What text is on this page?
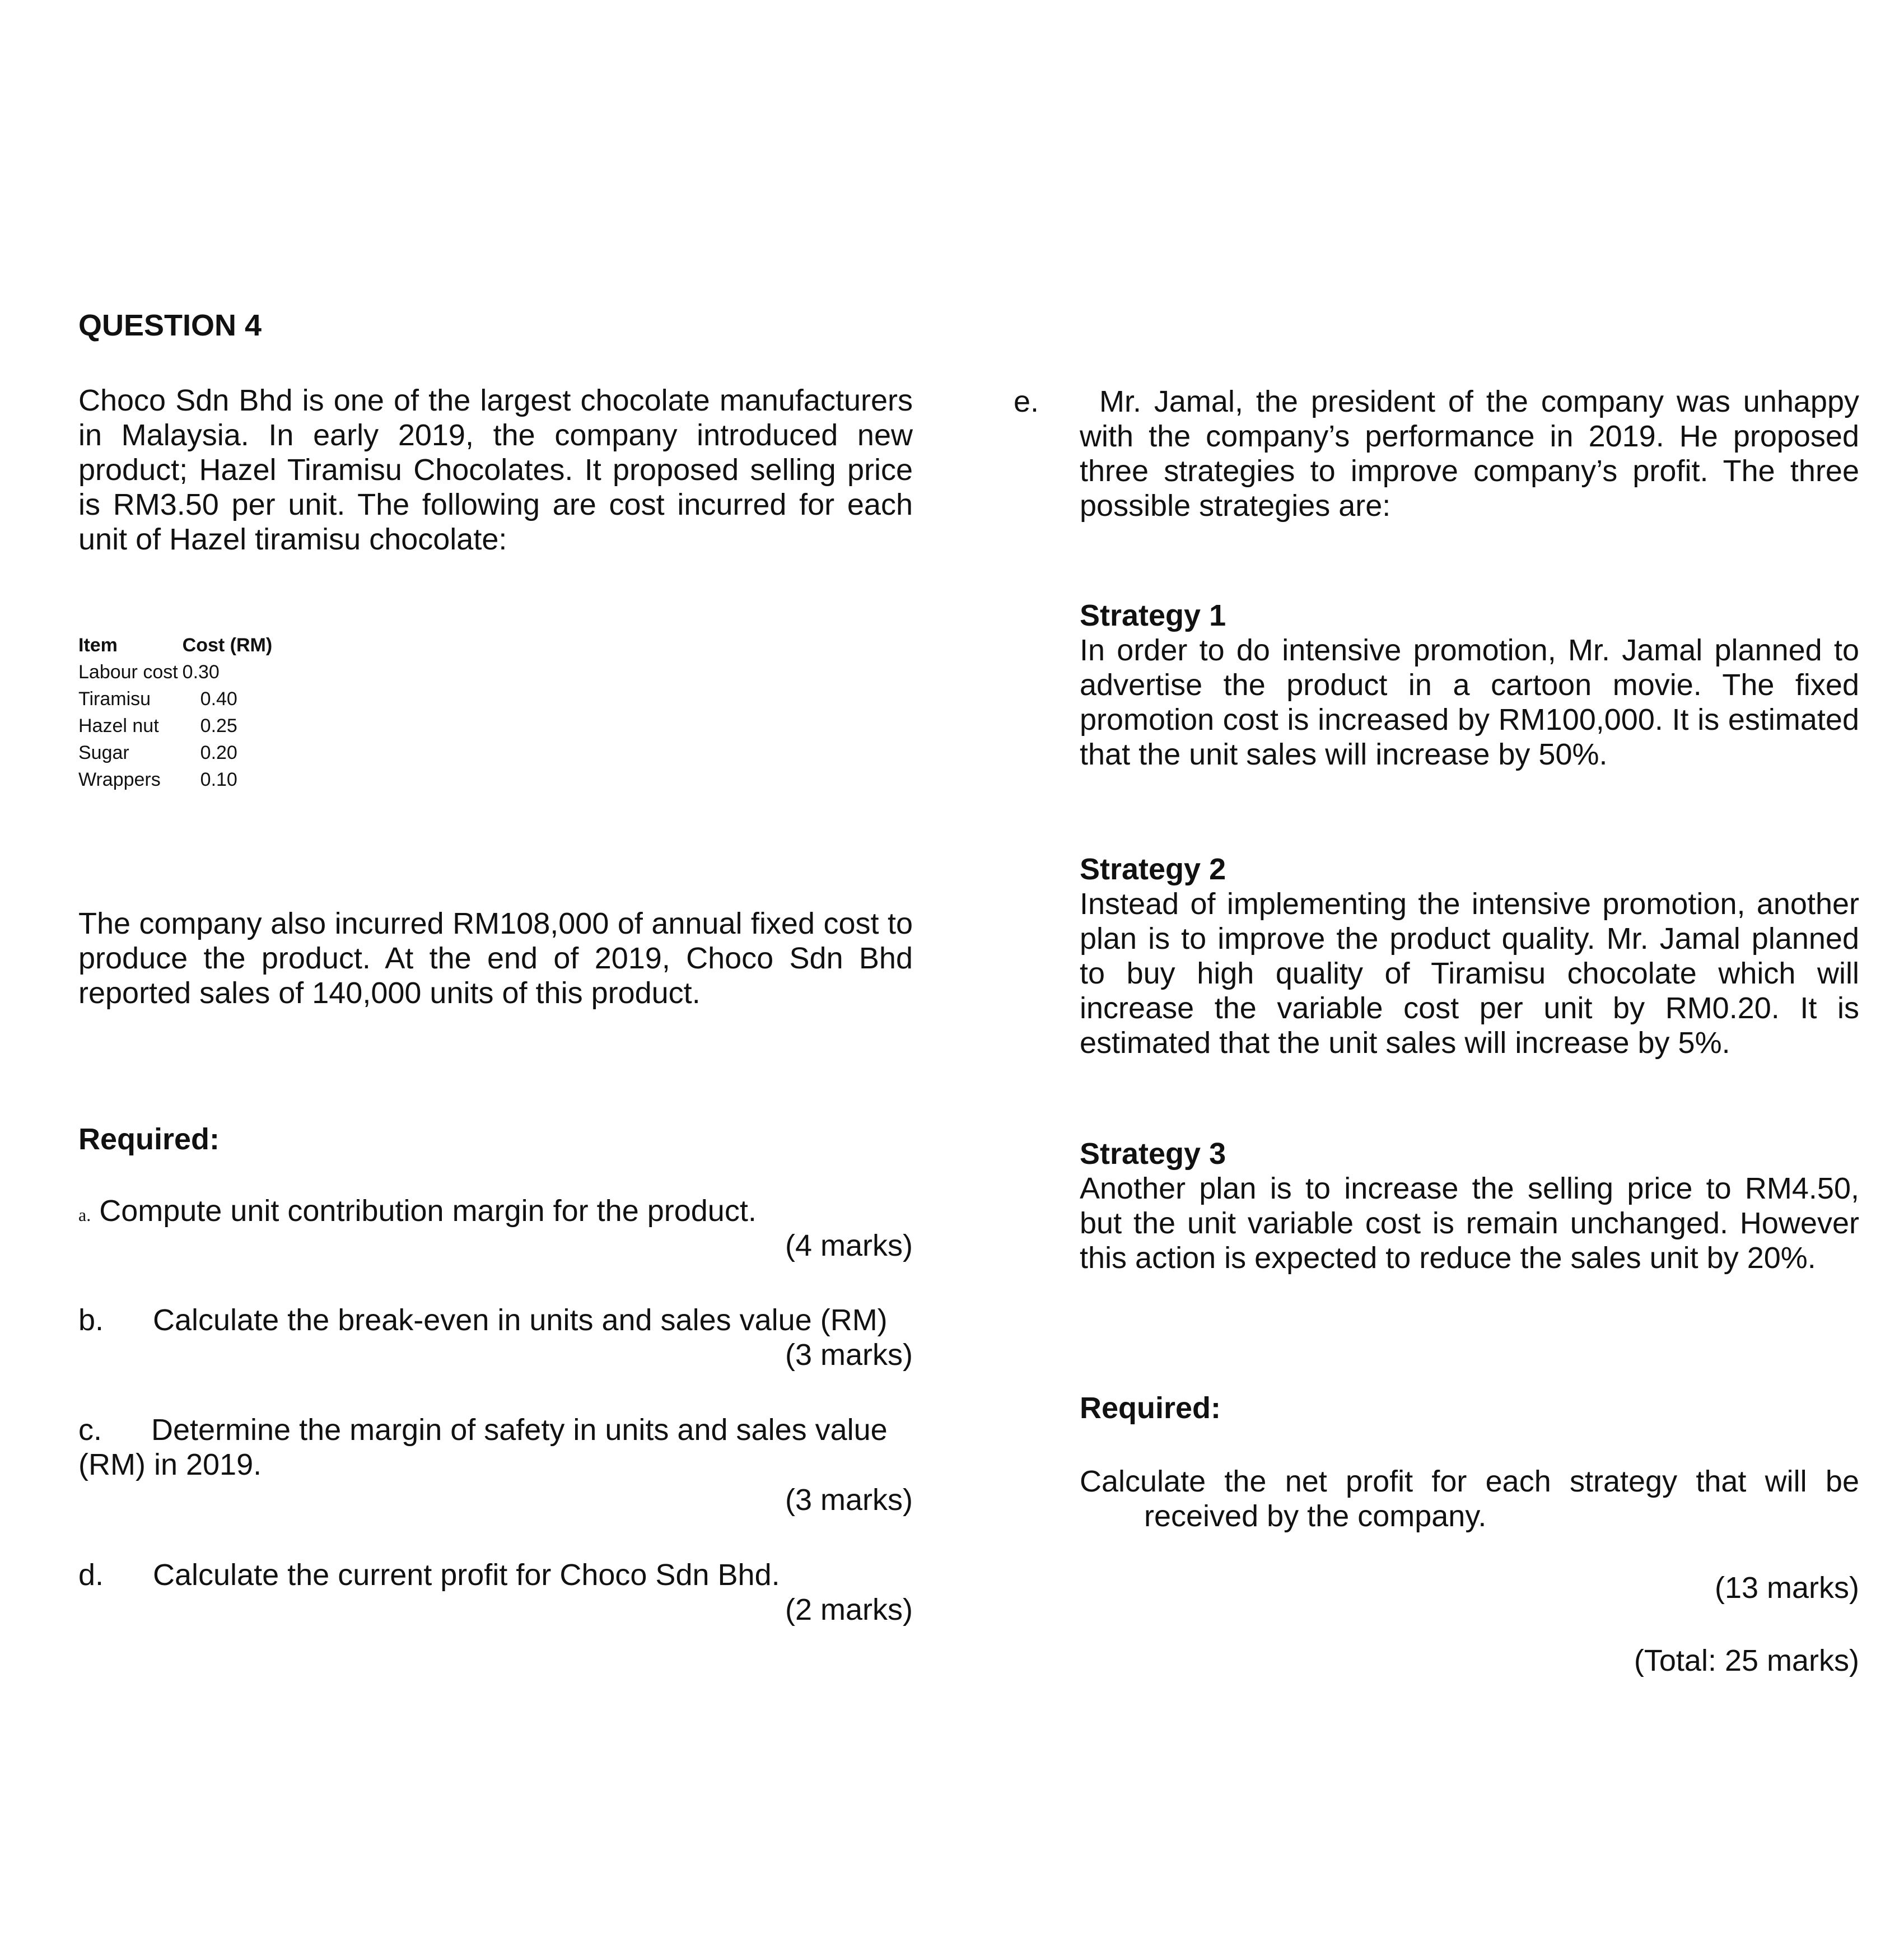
QUESTION 4
Choco Sdn Bhd is one of the largest chocolate manufacturers in Malaysia. In early 2019, the company introduced new product; Hazel Tiramisu Chocolates. It proposed selling price is RM3.50 per unit. The following are cost incurred for each unit of Hazel tiramisu chocolate:
Item	Cost (RM)
Labour cost	0.30
Tiramisu	0.40
Hazel nut	0.25
Sugar	0.20
Wrappers	0.10
The company also incurred RM108,000 of annual fixed cost to produce the product. At the end of 2019, Choco Sdn Bhd reported sales of 140,000 units of this product.
Required:
a. Compute unit contribution margin for the product.
(4 marks)
b. Calculate the break-even in units and sales value (RM)
(3 marks)
c. Determine the margin of safety in units and sales value
(RM) in 2019.
(3 marks)
d. Calculate the current profit for Choco Sdn Bhd.
(2 marks)
e.	Mr. Jamal, the president of the company was unhappy with the company’s performance in 2019. He proposed three strategies to improve company’s profit. The three possible strategies are:
Strategy 1
In order to do intensive promotion, Mr. Jamal planned to advertise the product in a cartoon movie. The fixed promotion cost is increased by RM100,000. It is estimated that the unit sales will increase by 50%.
Strategy 2
Instead of implementing the intensive promotion, another plan is to improve the product quality. Mr. Jamal planned to buy high quality of Tiramisu chocolate which will increase the variable cost per unit by RM0.20. It is estimated that the unit sales will increase by 5%.
Strategy 3
Another plan is to increase the selling price to RM4.50, but the unit variable cost is remain unchanged. However this action is expected to reduce the sales unit by 20%.
Required:
Calculate the net profit for each strategy that will be
received by the company.
(13 marks)
(Total: 25 marks)
